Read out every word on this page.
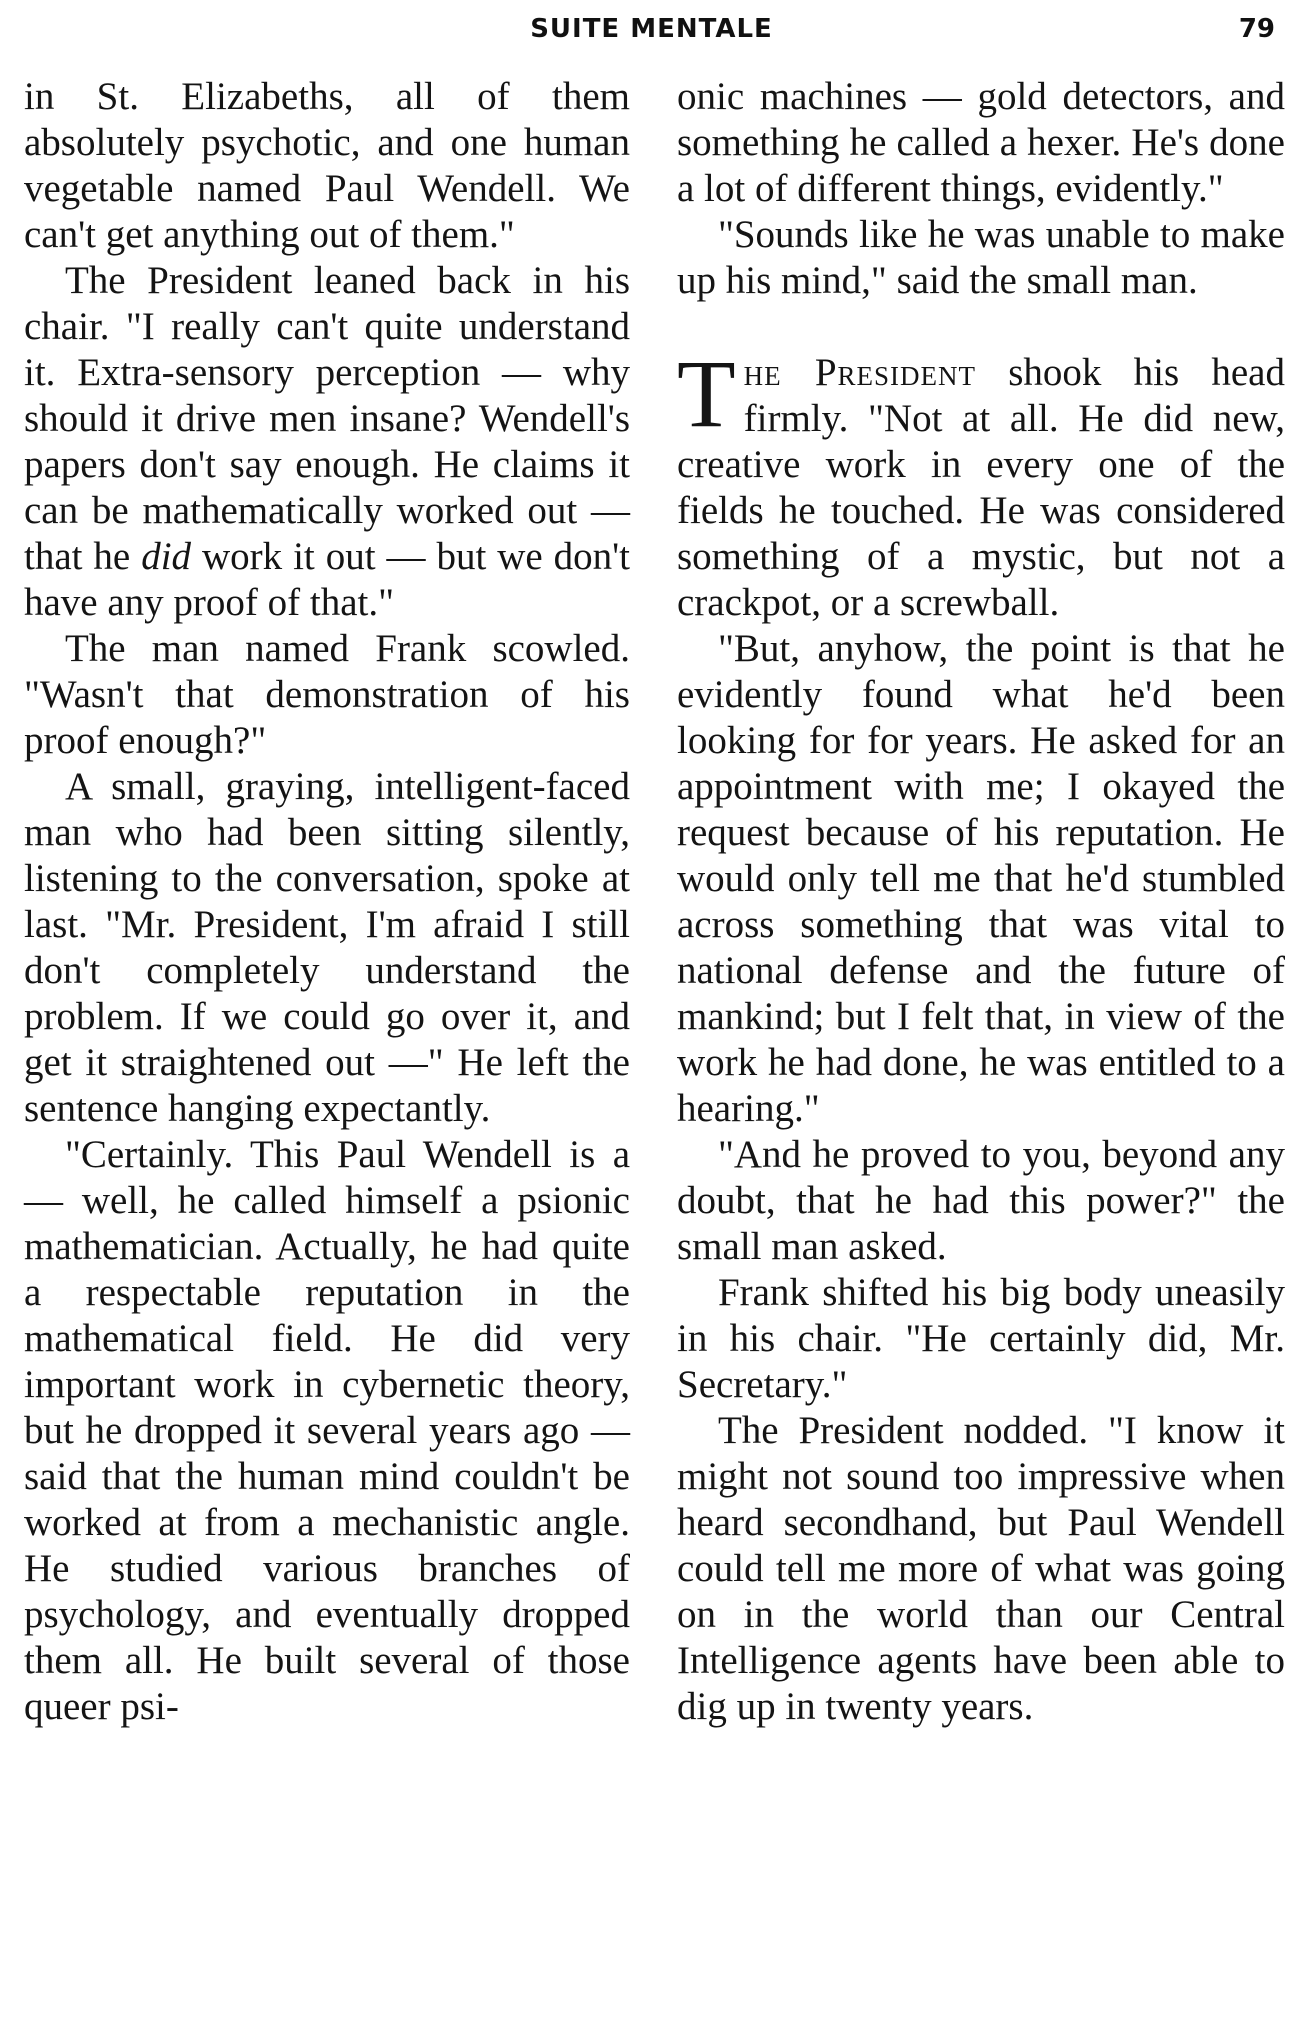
SUITE MENTALE	79

in St. Elizabeths, all of them absolutely psychotic, and one human vegetable named Paul Wendell. We can't get anything out of them."

The President leaned back in his chair. "I really can't quite understand it. Extra-sensory perception — why should it drive men insane? Wendell's papers don't say enough. He claims it can be mathematically worked out — that he did work it out — but we don't have any proof of that."

The man named Frank scowled. "Wasn't that demonstration of his proof enough?"

A small, graying, intelligent-faced man who had been sitting silently, listening to the conversation, spoke at last. "Mr. President, I'm afraid I still don't completely understand the problem. If we could go over it, and get it straightened out —" He left the sentence hanging expectantly.

"Certainly. This Paul Wendell is a — well, he called himself a psionic mathematician. Actually, he had quite a respectable reputation in the mathematical field. He did very important work in cybernetic theory, but he dropped it several years ago — said that the human mind couldn't be worked at from a mechanistic angle. He studied various branches of psychology, and eventually dropped them all. He built several of those queer psi-

onic machines — gold detectors, and something he called a hexer. He's done a lot of different things, evidently."

"Sounds like he was unable to make up his mind," said the small man.

The President shook his head firmly. "Not at all. He did new, creative work in every one of the fields he touched. He was considered something of a mystic, but not a crackpot, or a screwball.

"But, anyhow, the point is that he evidently found what he'd been looking for for years. He asked for an appointment with me; I okayed the request because of his reputation. He would only tell me that he'd stumbled across something that was vital to national defense and the future of mankind; but I felt that, in view of the work he had done, he was entitled to a hearing."

"And he proved to you, beyond any doubt, that he had this power?" the small man asked.

Frank shifted his big body uneasily in his chair. "He certainly did, Mr. Secretary."

The President nodded. "I know it might not sound too impressive when heard secondhand, but Paul Wendell could tell me more of what was going on in the world than our Central Intelligence agents have been able to dig up in twenty years.
